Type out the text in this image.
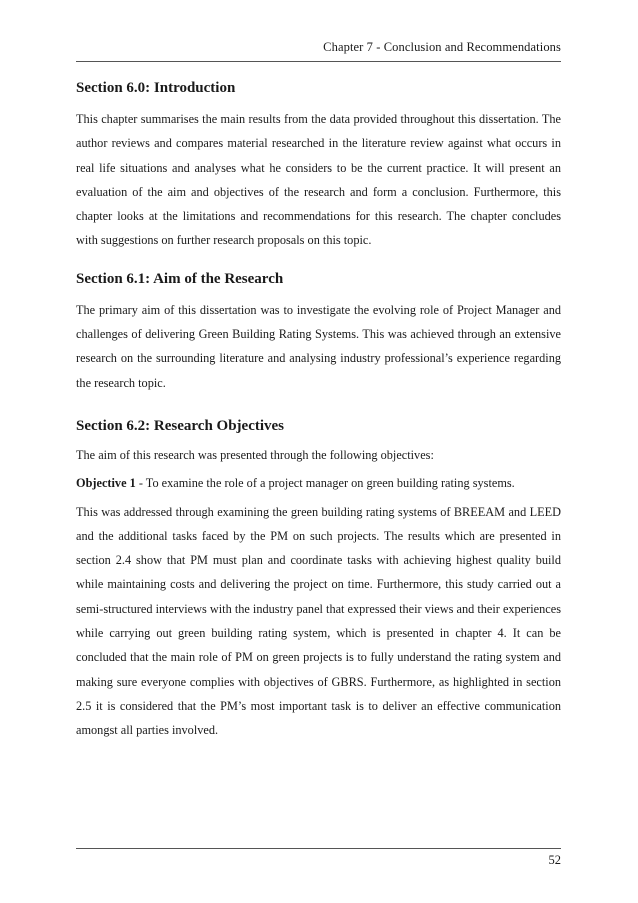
Chapter 7 - Conclusion and Recommendations
Section 6.0: Introduction

This chapter summarises the main results from the data provided throughout this dissertation. The author reviews and compares material researched in the literature review against what occurs in real life situations and analyses what he considers to be the current practice. It will present an evaluation of the aim and objectives of the research and form a conclusion. Furthermore, this chapter looks at the limitations and recommendations for this research. The chapter concludes with suggestions on further research proposals on this topic.

Section 6.1: Aim of the Research

The primary aim of this dissertation was to investigate the evolving role of Project Manager and challenges of delivering Green Building Rating Systems. This was achieved through an extensive research on the surrounding literature and analysing industry professional’s experience regarding the research topic.

Section 6.2: Research Objectives

The aim of this research was presented through the following objectives:

Objective 1 - To examine the role of a project manager on green building rating systems.

This was addressed through examining the green building rating systems of BREEAM and LEED and the additional tasks faced by the PM on such projects. The results which are presented in section 2.4 show that PM must plan and coordinate tasks with achieving highest quality build while maintaining costs and delivering the project on time. Furthermore, this study carried out a semi-structured interviews with the industry panel that expressed their views and their experiences while carrying out green building rating system, which is presented in chapter 4. It can be concluded that the main role of PM on green projects is to fully understand the rating system and making sure everyone complies with objectives of GBRS. Furthermore, as highlighted in section 2.5 it is considered that the PM’s most important task is to deliver an effective communication amongst all parties involved.

52
